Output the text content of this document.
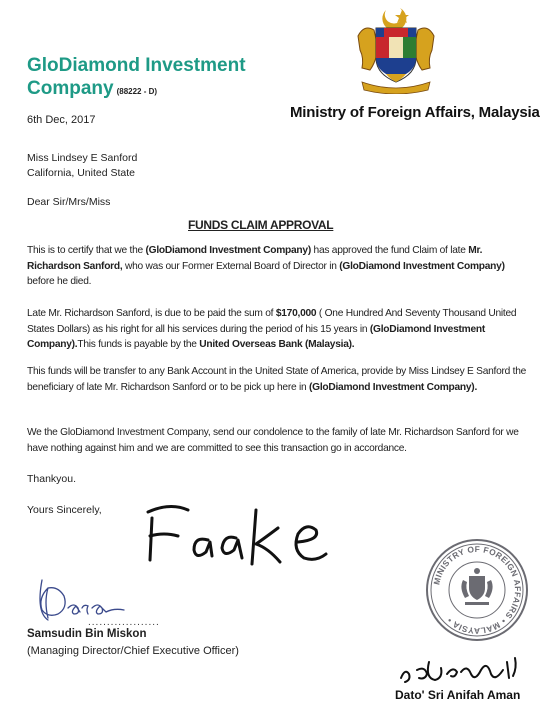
GloDiamond Investment
Company (88222 - D)
Ministry of Foreign Affairs, Malaysia
6th Dec, 2017
Miss Lindsey E Sanford
California, United State
Dear Sir/Mrs/Miss
FUNDS CLAIM APPROVAL
This is to certify that we the (GloDiamond Investment Company) has approved the fund Claim of late Mr. Richardson Sanford, who was our Former External Board of Director in (GloDiamond Investment Company) before he died.
Late Mr. Richardson Sanford, is due to be paid the sum of $170,000 ( One Hundred And Seventy Thousand United States Dollars) as his right for all his services during the period of his 15 years in (GloDiamond Investment Company).This funds is payable by the United Overseas Bank (Malaysia).
This funds will be transfer to any Bank Account in the United State of America, provide by Miss Lindsey E Sanford the beneficiary of late Mr. Richardson Sanford or to be pick up here in (GloDiamond Investment Company).
We the GloDiamond Investment Company, send our condolence to the family of late Mr. Richardson Sanford for we have nothing against him and we are committed to see this transaction go in accordance.
Thankyou.
Yours Sincerely,
...................
Samsudin Bin Miskon
(Managing Director/Chief Executive Officer)
MINISTRY OF FOREIGN AFFAIRS • MALAYSIA •
Dato' Sri Anifah Aman
